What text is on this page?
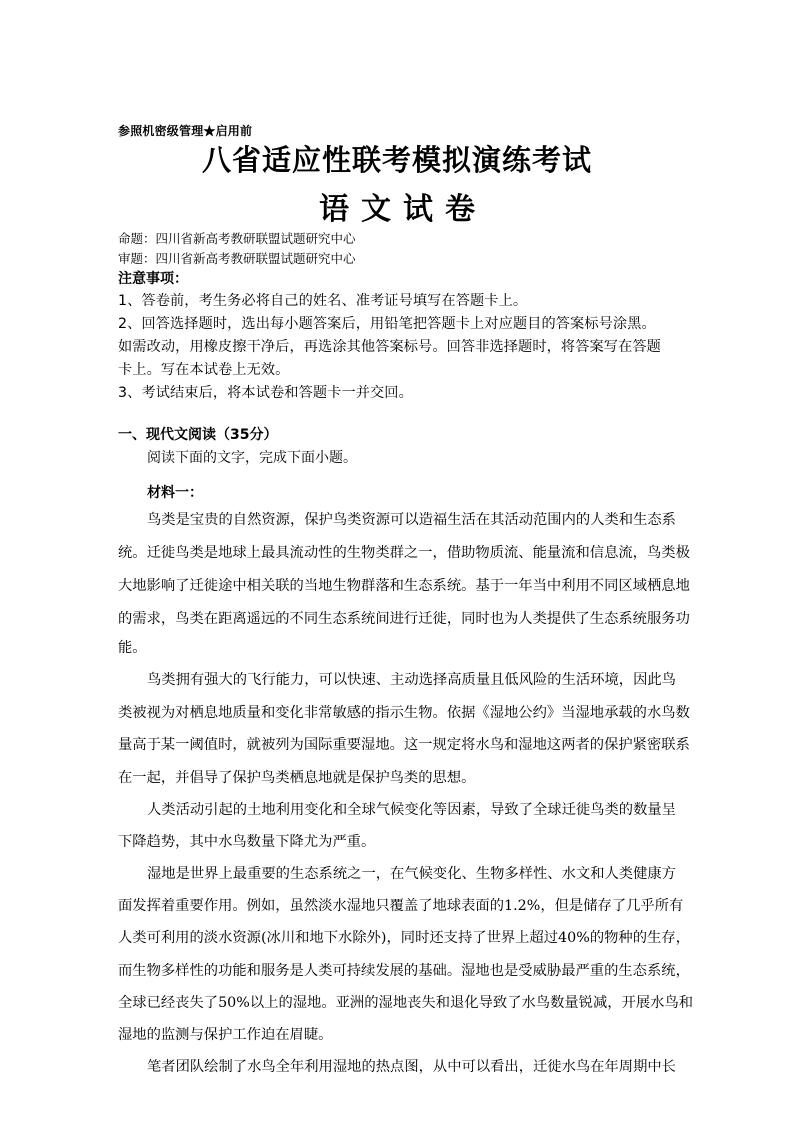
参照机密级管理★启用前
八省适应性联考模拟演练考试
语文试卷
命题：四川省新高考教研联盟试题研究中心
审题：四川省新高考教研联盟试题研究中心
注意事项：
1、答卷前，考生务必将自己的姓名、准考证号填写在答题卡上。
2、回答选择题时，选出每小题答案后，用铅笔把答题卡上对应题目的答案标号涂黑。
如需改动，用橡皮擦干净后，再选涂其他答案标号。回答非选择题时，将答案写在答题
卡上。写在本试卷上无效。
3、考试结束后，将本试卷和答题卡一并交回。
一、现代文阅读（35分）
阅读下面的文字，完成下面小题。
材料一：
鸟类是宝贵的自然资源，保护鸟类资源可以造福生活在其活动范围内的人类和生态系
统。迁徙鸟类是地球上最具流动性的生物类群之一，借助物质流、能量流和信息流，鸟类极
大地影响了迁徙途中相关联的当地生物群落和生态系统。基于一年当中利用不同区域栖息地
的需求，鸟类在距离遥远的不同生态系统间进行迁徙，同时也为人类提供了生态系统服务功
能。
鸟类拥有强大的飞行能力，可以快速、主动选择高质量且低风险的生活环境，因此鸟
类被视为对栖息地质量和变化非常敏感的指示生物。依据《湿地公约》当湿地承载的水鸟数
量高于某一阈值时，就被列为国际重要湿地。这一规定将水鸟和湿地这两者的保护紧密联系
在一起，并倡导了保护鸟类栖息地就是保护鸟类的思想。
人类活动引起的土地利用变化和全球气候变化等因素，导致了全球迁徙鸟类的数量呈
下降趋势，其中水鸟数量下降尤为严重。
湿地是世界上最重要的生态系统之一，在气候变化、生物多样性、水文和人类健康方
面发挥着重要作用。例如，虽然淡水湿地只覆盖了地球表面的1.2%，但是储存了几乎所有
人类可利用的淡水资源(冰川和地下水除外)，同时还支持了世界上超过40%的物种的生存，
而生物多样性的功能和服务是人类可持续发展的基础。湿地也是受威胁最严重的生态系统，
全球已经丧失了50%以上的湿地。亚洲的湿地丧失和退化导致了水鸟数量锐减，开展水鸟和
湿地的监测与保护工作迫在眉睫。
笔者团队绘制了水鸟全年利用湿地的热点图，从中可以看出，迁徙水鸟在年周期中长
